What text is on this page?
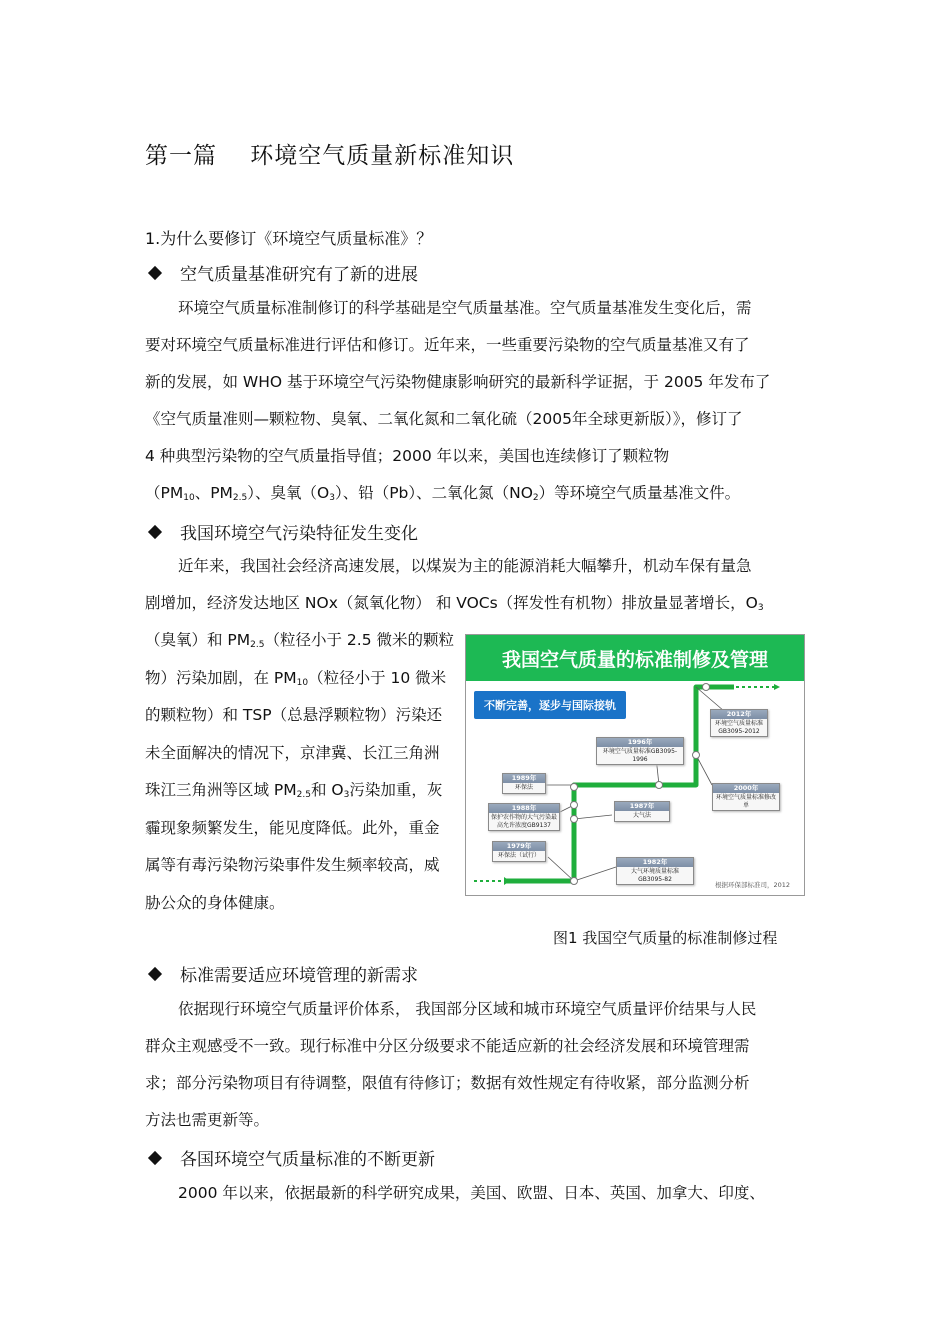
第一篇    环境空气质量新标准知识
1.为什么要修订《环境空气质量标准》？
空气质量基准研究有了新的进展
环境空气质量标准制修订的科学基础是空气质量基准。空气质量基准发生变化后，需
要对环境空气质量标准进行评估和修订。近年来，一些重要污染物的空气质量基准又有了
新的发展，如 WHO 基于环境空气污染物健康影响研究的最新科学证据，于 2005 年发布了
《空气质量准则—颗粒物、臭氧、二氧化氮和二氧化硫（2005年全球更新版）》，修订了
4 种典型污染物的空气质量指导值；2000 年以来，美国也连续修订了颗粒物
（$PM_{10}$、$PM_{2.5}$）、臭氧$(O_3)$、铅（Pb）、二氧化氮$(NO_2)$等环境空气质量基准文件。
我国环境空气污染特征发生变化
近年来，我国社会经济高速发展，以煤炭为主的能源消耗大幅攀升，机动车保有量急
剧增加，经济发达地区 NOx（氮氧化物） 和 VOCs（挥发性有机物）排放量显著增长，$O_3$
（臭氧）和 $PM_{2.5}$（粒径小于 2.5 微米的颗粒
物）污染加剧，在 $PM_{10}$（粒径小于 10 微米
的颗粒物）和 TSP（总悬浮颗粒物）污染还
未全面解决的情况下，京津冀、长江三角洲
珠江三角洲等区域 $PM_{2.5}$和 $O_3$污染加重，灰
霾现象频繁发生，能见度降低。此外，重金
属等有毒污染物污染事件发生频率较高，威
胁公众的身体健康。
我国空气质量的标准制修及管理
不断完善，逐步与国际接轨
1979年
环保法（试行）
1988年
保护农作物的大气污染最高允许浓度GB9137
1989年
环保法
1987年
大气法
1982年
大气环境质量标准GB3095-82
1996年
环境空气质量标准GB3095-1996
2000年
环境空气质量标准修改单
2012年
环境空气质量标准GB3095-2012
根据环保部标准司，2012
图1 我国空气质量的标准制修过程
标准需要适应环境管理的新需求
依据现行环境空气质量评价体系， 我国部分区域和城市环境空气质量评价结果与人民
群众主观感受不一致。现行标准中分区分级要求不能适应新的社会经济发展和环境管理需
求；部分污染物项目有待调整，限值有待修订；数据有效性规定有待收紧，部分监测分析
方法也需更新等。
各国环境空气质量标准的不断更新
2000 年以来，依据最新的科学研究成果，美国、欧盟、日本、英国、加拿大、印度、
